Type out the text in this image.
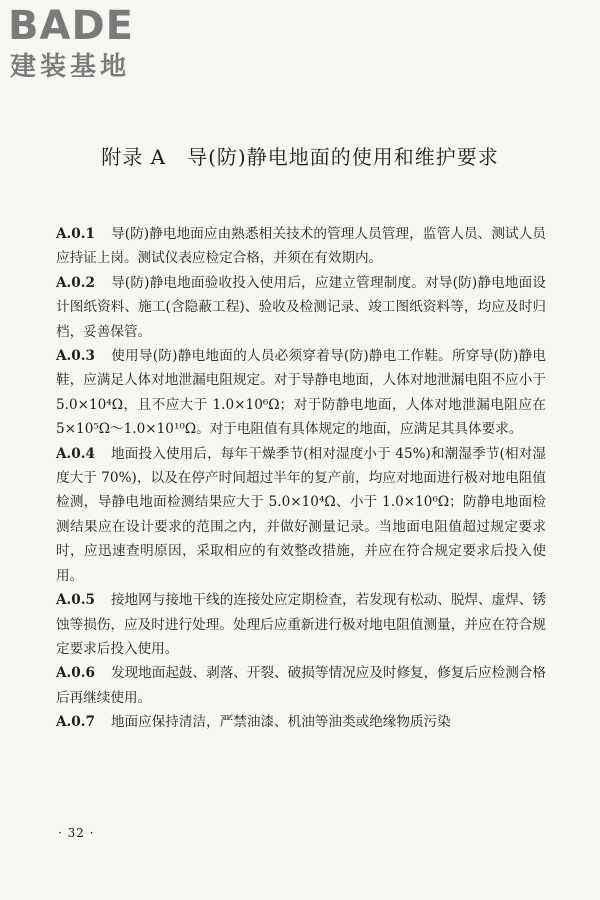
BADE
建装基地
附录 A　导(防)静电地面的使用和维护要求

A.0.1 导(防)静电地面应由熟悉相关技术的管理人员管理，监管人员、测试人员应持证上岗。测试仪表应检定合格，并须在有效期内。

A.0.2 导(防)静电地面验收投入使用后，应建立管理制度。对导(防)静电地面设计图纸资料、施工(含隐蔽工程)、验收及检测记录、竣工图纸资料等，均应及时归档，妥善保管。

A.0.3 使用导(防)静电地面的人员必须穿着导(防)静电工作鞋。所穿导(防)静电鞋，应满足人体对地泄漏电阻规定。对于导静电地面，人体对地泄漏电阻不应小于 5.0×10⁴Ω，且不应大于 1.0×10⁶Ω；对于防静电地面，人体对地泄漏电阻应在 5×10⁵Ω～1.0×10¹⁰Ω。对于电阻值有具体规定的地面，应满足其具体要求。

A.0.4 地面投入使用后，每年干燥季节(相对湿度小于 45%)和潮湿季节(相对湿度大于 70%)，以及在停产时间超过半年的复产前，均应对地面进行极对地电阻值检测，导静电地面检测结果应大于 5.0×10⁴Ω、小于 1.0×10⁶Ω；防静电地面检测结果应在设计要求的范围之内，并做好测量记录。当地面电阻值超过规定要求时，应迅速查明原因，采取相应的有效整改措施，并应在符合规定要求后投入使用。

A.0.5 接地网与接地干线的连接处应定期检查，若发现有松动、脱焊、虚焊、锈蚀等损伤，应及时进行处理。处理后应重新进行极对地电阻值测量，并应在符合规定要求后投入使用。

A.0.6 发现地面起鼓、剥落、开裂、破损等情况应及时修复，修复后应检测合格后再继续使用。

A.0.7 地面应保持清洁，严禁油漆、机油等油类或绝缘物质污染

· 32 ·
